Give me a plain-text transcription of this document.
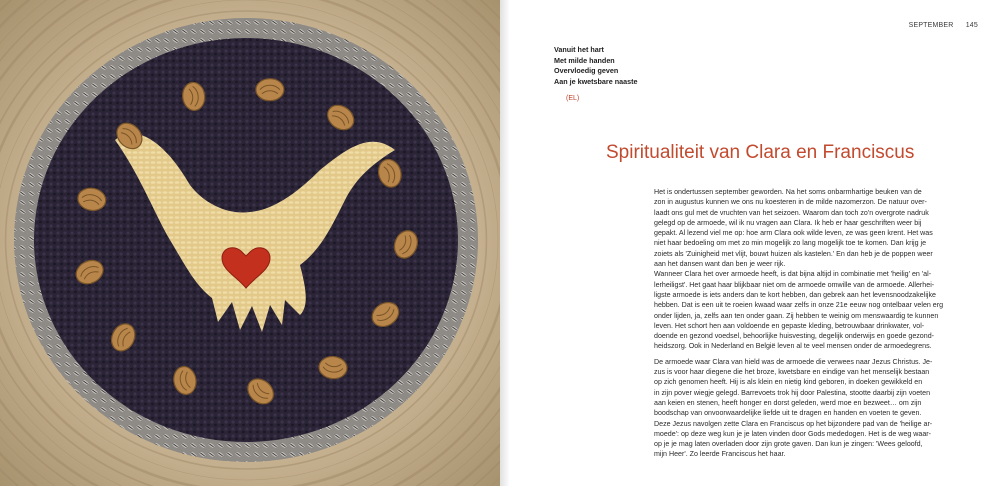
SEPTEMBER 145
Vanuit het hart
Met milde handen
Overvloedig geven
Aan je kwetsbare naaste
(EL)
Spiritualiteit van Clara en Franciscus
Het is ondertussen september geworden. Na het soms onbarmhartige beuken van de
zon in augustus kunnen we ons nu koesteren in de milde nazomerzon. De natuur over-
laadt ons gul met de vruchten van het seizoen. Waarom dan toch zo'n overgrote nadruk
gelegd op de armoede, wil ik nu vragen aan Clara. Ik heb er haar geschriften weer bij
gepakt. Al lezend viel me op: hoe arm Clara ook wilde leven, ze was geen krent. Het was
niet haar bedoeling om met zo min mogelijk zo lang mogelijk toe te komen. Dan krijg je
zoiets als 'Zuinigheid met vlijt, bouwt huizen als kastelen.' En dan heb je de poppen weer
aan het dansen want dan ben je weer rijk.
Wanneer Clara het over armoede heeft, is dat bijna altijd in combinatie met 'heilig' en 'al-
lerheiligst'. Het gaat haar blijkbaar niet om de armoede omwille van de armoede. Allerhei-
ligste armoede is iets anders dan te kort hebben, dan gebrek aan het levensnoodzakelijke
hebben. Dat is een uit te roeien kwaad waar zelfs in onze 21e eeuw nog ontelbaar velen erg
onder lijden, ja, zelfs aan ten onder gaan. Zij hebben te weinig om menswaardig te kunnen
leven. Het schort hen aan voldoende en gepaste kleding, betrouwbaar drinkwater, vol-
doende en gezond voedsel, behoorlijke huisvesting, degelijk onderwijs en goede gezond-
heidszorg. Ook in Nederland en België leven al te veel mensen onder de armoedegrens.
De armoede waar Clara van hield was de armoede die verwees naar Jezus Christus. Je-
zus is voor haar diegene die het broze, kwetsbare en eindige van het menselijk bestaan
op zich genomen heeft. Hij is als klein en nietig kind geboren, in doeken gewikkeld en
in zijn pover wiegje gelegd. Barrevoets trok hij door Palestina, stootte daarbij zijn voeten
aan keien en stenen, heeft honger en dorst geleden, werd moe en bezweet… om zijn
boodschap van onvoorwaardelijke liefde uit te dragen en handen en voeten te geven.
Deze Jezus navolgen zette Clara en Franciscus op het bijzondere pad van de 'heilige ar-
moede': op deze weg kun je je laten vinden door Gods mededogen. Het is de weg waar-
op je je mag laten overladen door zijn grote gaven. Dan kun je zingen: 'Wees geloofd,
mijn Heer'. Zo leerde Franciscus het haar.
